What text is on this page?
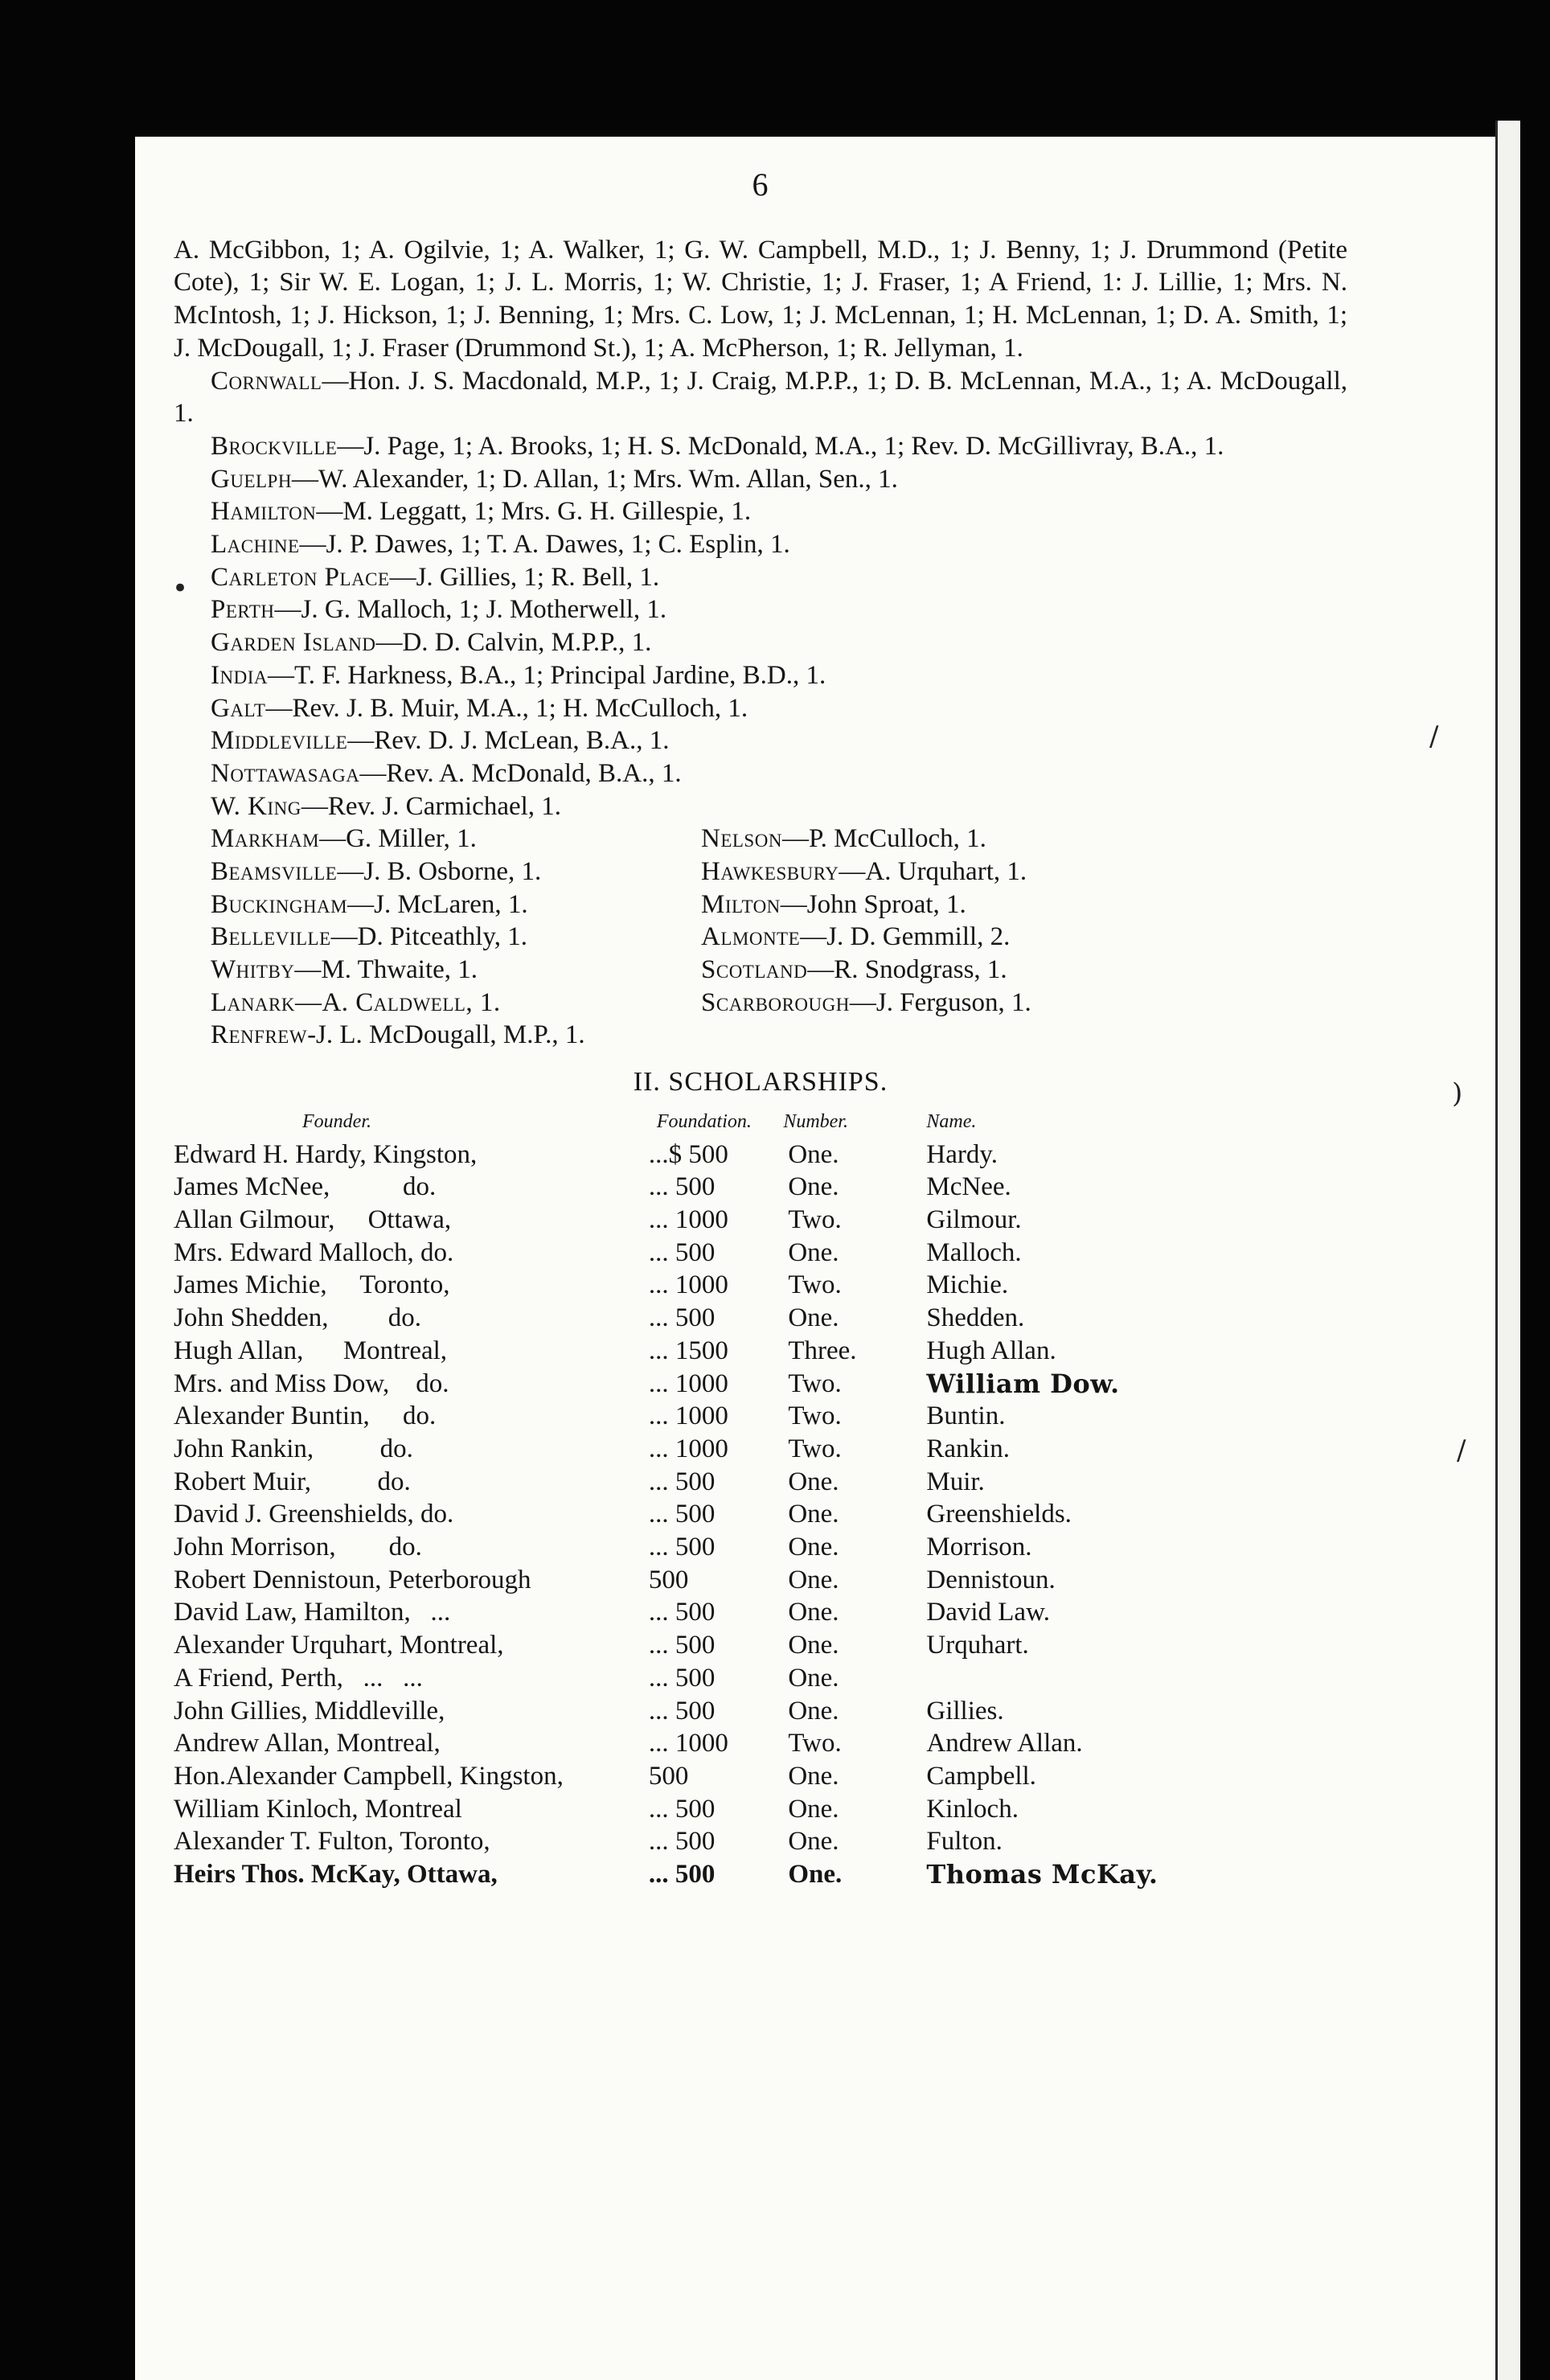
6

A. McGibbon, 1; A. Ogilvie, 1; A. Walker, 1; G. W. Campbell, M.D., 1; J. Benny, 1; J. Drummond (Petite Cote), 1; Sir W. E. Logan, 1; J. L. Morris, 1; W. Christie, 1; J. Fraser, 1; A Friend, 1: J. Lillie, 1; Mrs. N. McIntosh, 1; J. Hickson, 1; J. Benning, 1; Mrs. C. Low, 1; J. McLennan, 1; H. McLennan, 1; D. A. Smith, 1; J. McDougall, 1; J. Fraser (Drummond St.), 1; A. McPherson, 1; R. Jellyman, 1.

Cornwall—Hon. J. S. Macdonald, M.P., 1; J. Craig, M.P.P., 1; D. B. McLennan, M.A., 1; A. McDougall, 1.

Brockville—J. Page, 1; A. Brooks, 1; H. S. McDonald, M.A., 1; Rev. D. McGillivray, B.A., 1.

Guelph—W. Alexander, 1; D. Allan, 1; Mrs. Wm. Allan, Sen., 1.
Hamilton—M. Leggatt, 1; Mrs. G. H. Gillespie, 1.
Lachine—J. P. Dawes, 1; T. A. Dawes, 1; C. Esplin, 1.
Carleton Place—J. Gillies, 1; R. Bell, 1.
Perth—J. G. Malloch, 1; J. Motherwell, 1.
Garden Island—D. D. Calvin, M.P.P., 1.
India—T. F. Harkness, B.A., 1; Principal Jardine, B.D., 1.
Galt—Rev. J. B. Muir, M.A., 1; H. McCulloch, 1.
Middleville—Rev. D. J. McLean, B.A., 1.
Nottawasaga—Rev. A. McDonald, B.A., 1.
W. King—Rev. J. Carmichael, 1.
Markham—G. Miller, 1.
Beamsville—J. B. Osborne, 1.
Buckingham—J. McLaren, 1.
Belleville—D. Pitceathly, 1.
Whitby—M. Thwaite, 1.
Lanark—A. Caldwell, 1.
Renfrew-J. L. McDougall, M.P., 1.
Nelson—P. McCulloch, 1.
Hawkesbury—A. Urquhart, 1.
Milton—John Sproat, 1.
Almonte—J. D. Gemmill, 2.
Scotland—R. Snodgrass, 1.
Scarborough—J. Ferguson, 1.
II. SCHOLARSHIPS.
Founder.	Foundation.	Number.	Name.
Edward H. Hardy, Kingston,	...$ 500	One.	Hardy.
James McNee,           do.	... 500	One.	McNee.
Allan Gilmour,     Ottawa,	... 1000	Two.	Gilmour.
Mrs. Edward Malloch, do.	... 500	One.	Malloch.
James Michie,     Toronto,	... 1000	Two.	Michie.
John Shedden,         do.	... 500	One.	Shedden.
Hugh Allan,      Montreal,	... 1500	Three.	Hugh Allan.
Mrs. and Miss Dow,    do.	... 1000	Two.	William Dow.
Alexander Buntin,     do.	... 1000	Two.	Buntin.
John Rankin,          do.	... 1000	Two.	Rankin.
Robert Muir,          do.	... 500	One.	Muir.
David J. Greenshields, do.	... 500	One.	Greenshields.
John Morrison,        do.	... 500	One.	Morrison.
Robert Dennistoun, Peterborough	500	One.	Dennistoun.
David Law, Hamilton,   ...	... 500	One.	David Law.
Alexander Urquhart, Montreal,	... 500	One.	Urquhart.
A Friend, Perth,   ...   ...	... 500	One.	
John Gillies, Middleville,	... 500	One.	Gillies.
Andrew Allan, Montreal,	... 1000	Two.	Andrew Allan.
Hon.Alexander Campbell, Kingston,	500	One.	Campbell.
William Kinloch, Montreal	... 500	One.	Kinloch.
Alexander T. Fulton, Toronto,	... 500	One.	Fulton.
Heirs Thos. McKay, Ottawa,	... 500	One.	Thomas McKay.
•
/
)
/
